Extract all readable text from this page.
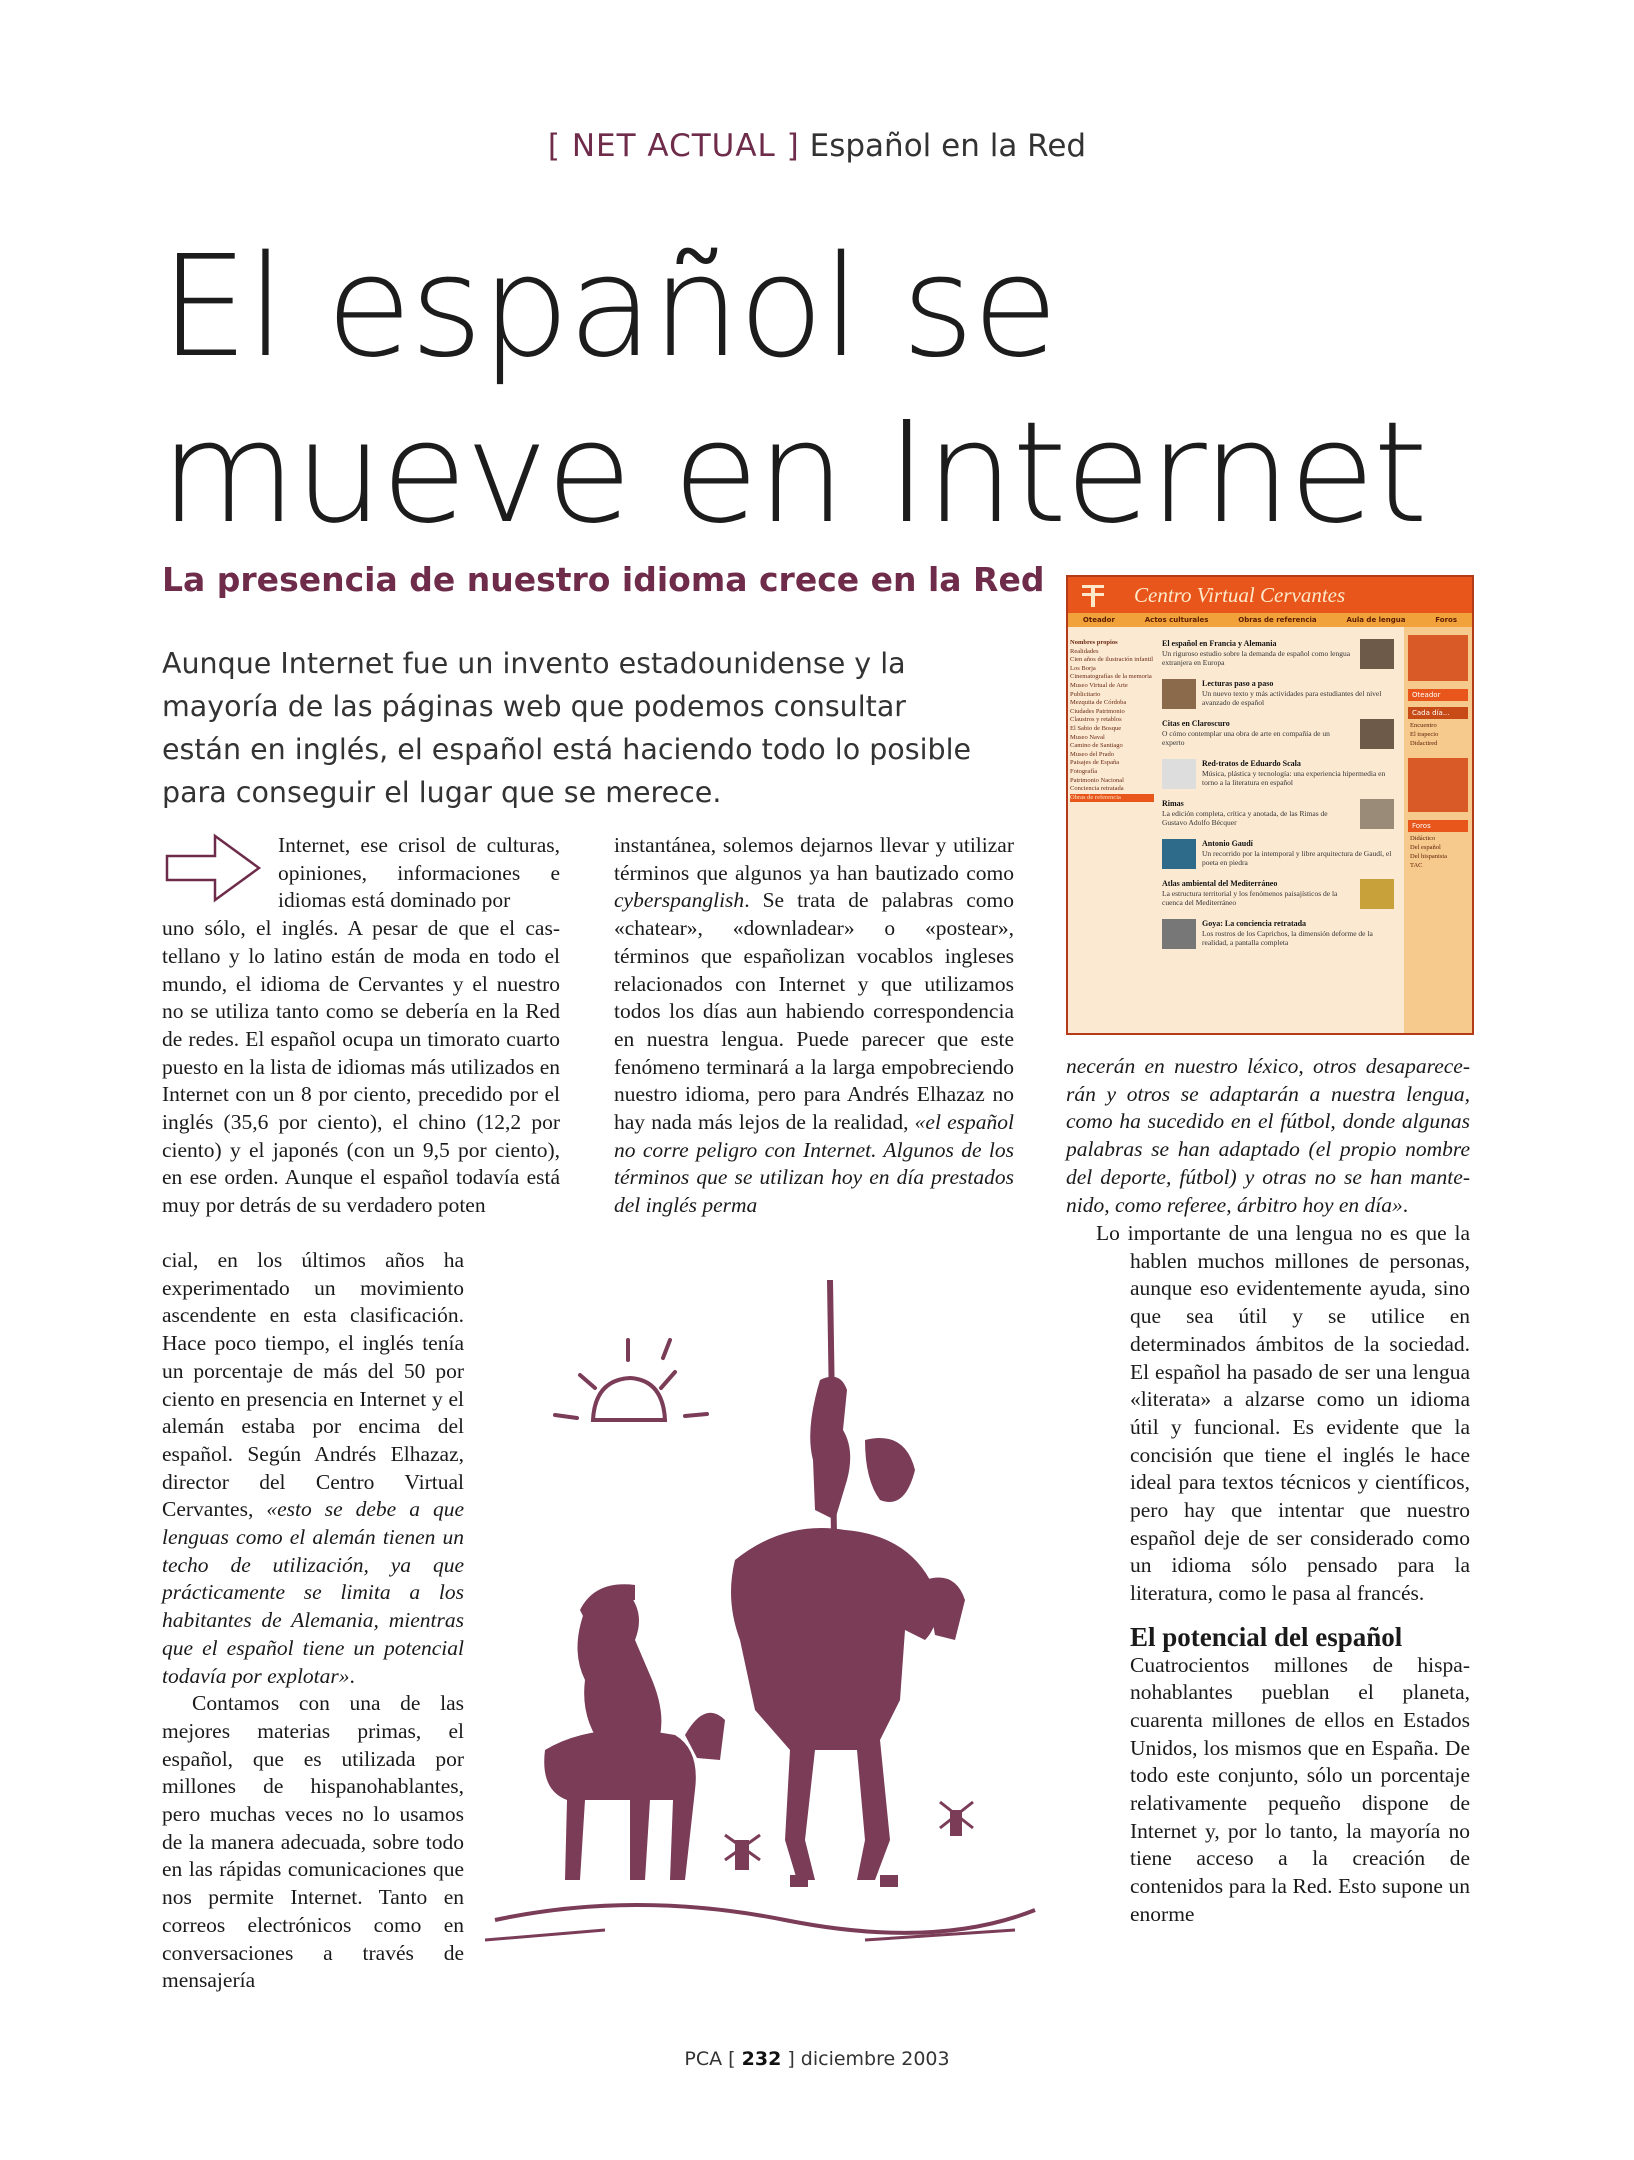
[ NET ACTUAL ] Español en la Red
El español se
mueve en Internet
La presencia de nuestro idioma crece en la Red
Aunque Internet fue un invento estadounidense y la mayoría de las páginas web que podemos consultar están en inglés, el español está haciendo todo lo posible para conseguir el lugar que se merece.

Internet, ese crisol de culturas, opiniones, informaciones e idiomas está dominado por

uno sólo, el inglés. A pesar de que el castellano y lo latino están de moda en todo el mundo, el idioma de Cervantes y el nuestro no se utiliza tanto como se debería en la Red de redes. El español ocupa un timorato cuarto puesto en la lista de idiomas más utilizados en Internet con un 8 por ciento, precedido por el inglés (35,6 por ciento), el chino (12,2 por ciento) y el japonés (con un 9,5 por ciento), en ese orden. Aunque el español todavía está muy por detrás de su verdadero poten

cial, en los últimos años ha experimentado un movimiento ascendente en esta clasificación. Hace poco tiempo, el inglés tenía un porcentaje de más del 50 por ciento en presencia en Internet y el alemán estaba por encima del español. Según Andrés Elhazaz, director del Centro Virtual Cervantes, «esto se debe a que lenguas como el alemán tienen un techo de utilización, ya que prácticamente se limita a los habitantes de Alemania, mientras que el español tiene un potencial todavía por explotar».

Contamos con una de las mejores materias primas, el español, que es utilizada por millones de hispanohablantes, pero muchas veces no lo usamos de la manera adecuada, sobre todo en las rápidas comunicaciones que nos permite Internet. Tanto en correos electrónicos como en conversaciones a través de mensajería

instantánea, solemos dejarnos llevar y utilizar términos que algunos ya han bautizado como cyberspanglish. Se trata de palabras como «chatear», «downladear» o «postear», términos que españolizan vocablos ingleses relacionados con Internet y que utilizamos todos los días aun habiendo correspondencia en nuestra lengua. Puede parecer que este fenómeno terminará a la larga empobreciendo nuestro idioma, pero para Andrés Elhazaz no hay nada más lejos de la realidad, «el español no corre peligro con Internet. Algunos de los términos que se utilizan hoy en día prestados del inglés perma

Centro Virtual Cervantes
Oteador	Actos culturales	Obras de referencia	Aula de lengua	Foros
Nombres propios
Realidades
Cien años de ilustración infantil
Los Borja
Cinematografías de la memoria
Museo Virtual de Arte Publicitario
Mezquita de Córdoba
Ciudades Patrimonio
Claustros y retablos
El Sabio de Bosque
Museo Naval
Camino de Santiago
Museo del Prado
Paisajes de España
Fotografía
Patrimonio Nacional
Conciencia retratada
Obras de referencia
El español en Francia y Alemania
Un riguroso estudio sobre la demanda de español como lengua extranjera en Europa
Lecturas paso a paso
Un nuevo texto y más actividades para estudiantes del nivel avanzado de español
Citas en Claroscuro
O cómo contemplar una obra de arte en compañía de un experto
Red-tratos de Eduardo Scala
Música, plástica y tecnología: una experiencia hipermedia en torno a la literatura en español
Rimas
La edición completa, crítica y anotada, de las Rimas de Gustavo Adolfo Bécquer
Antonio Gaudí
Un recorrido por la intemporal y libre arquitectura de Gaudí, el poeta en piedra
Atlas ambiental del Mediterráneo
La estructura territorial y los fenómenos paisajísticos de la cuenca del Mediterráneo
Goya: La conciencia retratada
Los rostros de los Caprichos, la dimensión deforme de la realidad, a pantalla completa
Oteador
Cada día...
Encuentro
El trapecio
Didactired
Foros
Didáctico
Del español
Del hispanista
TAC

necerán en nuestro léxico, otros desaparecerán y otros se adaptarán a nuestra lengua, como ha sucedido en el fútbol, donde algunas palabras se han adaptado (el propio nombre del deporte, fútbol) y otras no se han mantenido, como referee, árbitro hoy en día».

Lo importante de una lengua no es que la hablen muchos millones de personas, aunque eso evidentemente ayuda, sino que sea útil y se utilice en determinados ámbitos de la sociedad. El español ha pasado de ser una lengua «literata» a alzarse como un idioma útil y funcional. Es evidente que la concisión que tiene el inglés le hace ideal para textos técnicos y científicos, pero hay que intentar que nuestro español deje de ser considerado como un idioma sólo pensado para la literatura, como le pasa al francés.

El potencial del español

Cuatrocientos millones de hispanohablantes pueblan el planeta, cuarenta millones de ellos en Estados Unidos, los mismos que en España. De todo este conjunto, sólo un porcentaje relativamente pequeño dispone de Internet y, por lo tanto, la mayoría no tiene acceso a la creación de contenidos para la Red. Esto supone un enorme

PCA [ 232 ] diciembre 2003
